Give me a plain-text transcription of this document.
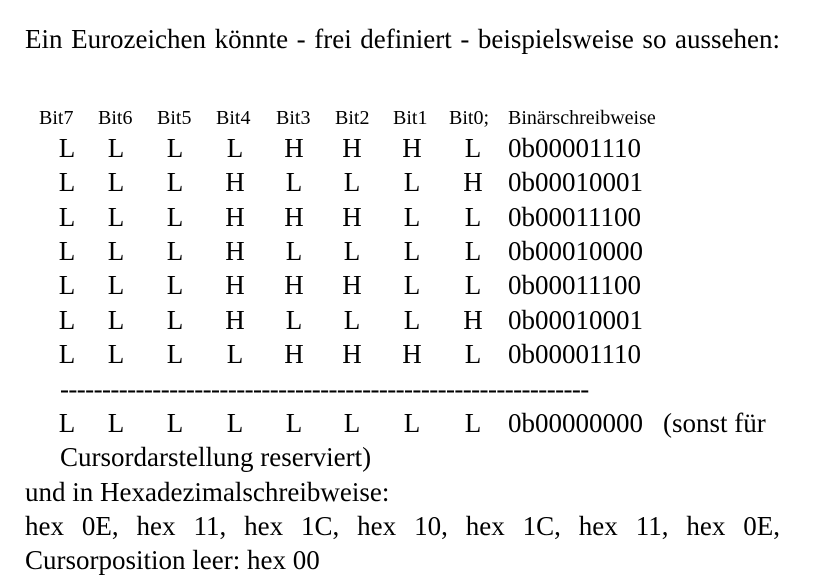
Ein Eurozeichen könnte - frei definiert - beispielsweise so aussehen:
Bit7 Bit6 Bit5 Bit4 Bit3 Bit2 Bit1 Bit0; Binärschreibweise
L L L L H H H L 0b00001110
L L L H L L L H 0b00010001
L L L H H H L L 0b00011100
L L L H L L L L 0b00010000
L L L H H H L L 0b00011100
L L L H L L L H 0b00010001
L L L L H H H L 0b00001110
---------------------------------------------------------------
L L L L L L L L 0b00000000 (sonst für
Cursordarstellung reserviert)
und in Hexadezimalschreibweise:
hex 0E, hex 11, hex 1C, hex 10, hex 1C, hex 11, hex 0E,
Cursorposition leer: hex 00
